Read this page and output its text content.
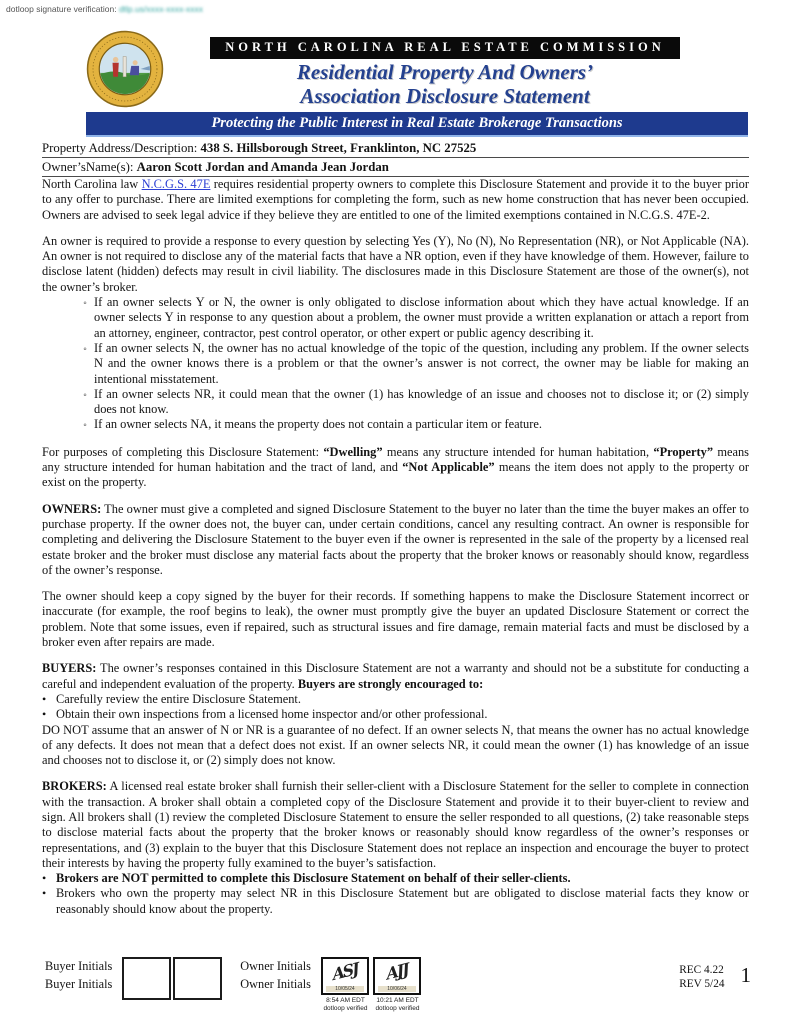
dotloop signature verification: dtlp.us/xxxx-xxxx-xxxx
NORTH CAROLINA REAL ESTATE COMMISSION
Residential Property And Owners’
Association Disclosure Statement
Protecting the Public Interest in Real Estate Brokerage Transactions
Property Address/Description: 438 S. Hillsborough Street, Franklinton, NC 27525
Owner’sName(s): Aaron Scott Jordan and Amanda Jean Jordan

North Carolina law N.C.G.S. 47E requires residential property owners to complete this Disclosure Statement and provide it to the buyer prior to any offer to purchase. There are limited exemptions for completing the form, such as new home construction that has never been occupied. Owners are advised to seek legal advice if they believe they are entitled to one of the limited exemptions contained in N.C.G.S. 47E-2.

An owner is required to provide a response to every question by selecting Yes (Y), No (N), No Representation (NR), or Not Applicable (NA). An owner is not required to disclose any of the material facts that have a NR option, even if they have knowledge of them. However, failure to disclose latent (hidden) defects may result in civil liability. The disclosures made in this Disclosure Statement are those of the owner(s), not the owner’s broker.

◦ If an owner selects Y or N, the owner is only obligated to disclose information about which they have actual knowledge. If an owner selects Y in response to any question about a problem, the owner must provide a written explanation or attach a report from an attorney, engineer, contractor, pest control operator, or other expert or public agency describing it.
◦ If an owner selects N, the owner has no actual knowledge of the topic of the question, including any problem. If the owner selects N and the owner knows there is a problem or that the owner’s answer is not correct, the owner may be liable for making an intentional misstatement.
◦ If an owner selects NR, it could mean that the owner (1) has knowledge of an issue and chooses not to disclose it; or (2) simply does not know.
◦ If an owner selects NA, it means the property does not contain a particular item or feature.

For purposes of completing this Disclosure Statement: “Dwelling” means any structure intended for human habitation, “Property” means any structure intended for human habitation and the tract of land, and “Not Applicable” means the item does not apply to the property or exist on the property.

OWNERS: The owner must give a completed and signed Disclosure Statement to the buyer no later than the time the buyer makes an offer to purchase property. If the owner does not, the buyer can, under certain conditions, cancel any resulting contract. An owner is responsible for completing and delivering the Disclosure Statement to the buyer even if the owner is represented in the sale of the property by a licensed real estate broker and the broker must disclose any material facts about the property that the broker knows or reasonably should know, regardless of the owner’s response.

The owner should keep a copy signed by the buyer for their records. If something happens to make the Disclosure Statement incorrect or inaccurate (for example, the roof begins to leak), the owner must promptly give the buyer an updated Disclosure Statement or correct the problem. Note that some issues, even if repaired, such as structural issues and fire damage, remain material facts and must be disclosed by a broker even after repairs are made.

BUYERS: The owner’s responses contained in this Disclosure Statement are not a warranty and should not be a substitute for conducting a careful and independent evaluation of the property. Buyers are strongly encouraged to:

• Carefully review the entire Disclosure Statement.
• Obtain their own inspections from a licensed home inspector and/or other professional.

DO NOT assume that an answer of N or NR is a guarantee of no defect. If an owner selects N, that means the owner has no actual knowledge of any defects. It does not mean that a defect does not exist. If an owner selects NR, it could mean the owner (1) has knowledge of an issue and chooses not to disclose it, or (2) simply does not know.

BROKERS: A licensed real estate broker shall furnish their seller-client with a Disclosure Statement for the seller to complete in connection with the transaction. A broker shall obtain a completed copy of the Disclosure Statement and provide it to their buyer-client to review and sign. All brokers shall (1) review the completed Disclosure Statement to ensure the seller responded to all questions, (2) take reasonable steps to disclose material facts about the property that the broker knows or reasonably should know regardless of the owner’s responses or representations, and (3) explain to the buyer that this Disclosure Statement does not replace an inspection and encourage the buyer to protect their interests by having the property fully examined to the buyer’s satisfaction.

• Brokers are NOT permitted to complete this Disclosure Statement on behalf of their seller-clients.
• Brokers who own the property may select NR in this Disclosure Statement but are obligated to disclose material facts they know or reasonably should know about the property.
Buyer Initials
Buyer Initials
Owner Initials
Owner Initials	ASJ
10/05/24
8:54 AM EDT
dotloop verified
AJJ
10/06/24
10:21 AM EDT
dotloop verified
REC 4.22
REV 5/24 1
